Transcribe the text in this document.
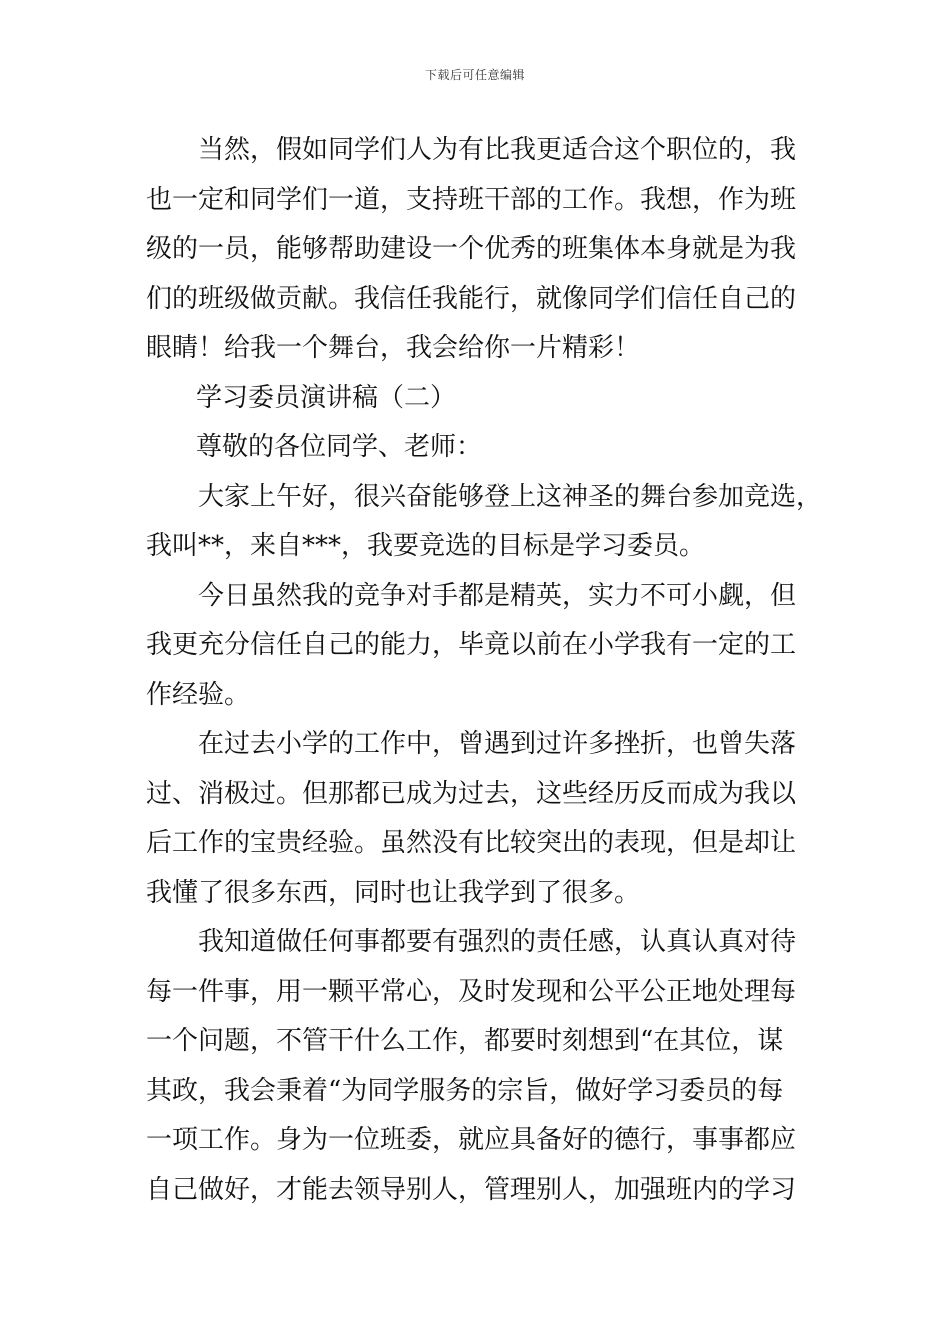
下载后可任意编辑
当然，假如同学们人为有比我更适合这个职位的，我
也一定和同学们一道，支持班干部的工作。我想，作为班
级的一员，能够帮助建设一个优秀的班集体本身就是为我
们的班级做贡献。我信任我能行，就像同学们信任自己的
眼睛！给我一个舞台，我会给你一片精彩！
学习委员演讲稿（二）
尊敬的各位同学、老师：
大家上午好，很兴奋能够登上这神圣的舞台参加竞选，
我叫**，来自***，我要竞选的目标是学习委员。
今日虽然我的竞争对手都是精英，实力不可小觑，但
我更充分信任自己的能力，毕竟以前在小学我有一定的工
作经验。
在过去小学的工作中，曾遇到过许多挫折，也曾失落
过、消极过。但那都已成为过去，这些经历反而成为我以
后工作的宝贵经验。虽然没有比较突出的表现，但是却让
我懂了很多东西，同时也让我学到了很多。
我知道做任何事都要有强烈的责任感，认真认真对待
每一件事，用一颗平常心，及时发现和公平公正地处理每
一个问题，不管干什么工作，都要时刻想到“在其位，谋
其政，我会秉着“为同学服务的宗旨，做好学习委员的每
一项工作。身为一位班委，就应具备好的德行，事事都应
自己做好，才能去领导别人，管理别人，加强班内的学习
